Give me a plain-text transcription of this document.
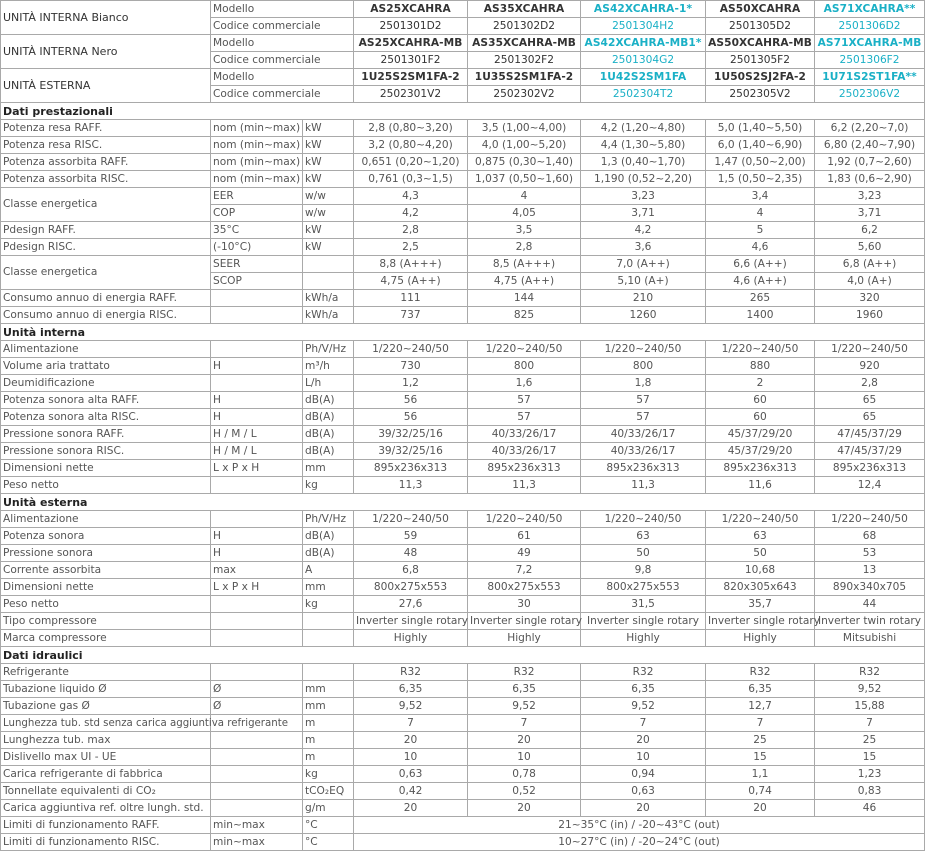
UNITÀ INTERNA Bianco	Modello		AS25XCAHRA	AS35XCAHRA	AS42XCAHRA-1*	AS50XCAHRA	AS71XCAHRA**
	Codice commerciale		2501301D2	2501302D2	2501304H2	2501305D2	2501306D2
UNITÀ INTERNA Nero	Modello		AS25XCAHRA-MB	AS35XCAHRA-MB	AS42XCAHRA-MB1*	AS50XCAHRA-MB	AS71XCAHRA-MB
	Codice commerciale		2501301F2	2501302F2	2501304G2	2501305F2	2501306F2
UNITÀ ESTERNA	Modello		1U25S2SM1FA-2	1U35S2SM1FA-2	1U42S2SM1FA	1U50S2SJ2FA-2	1U71S2ST1FA**
	Codice commerciale		2502301V2	2502302V2	2502304T2	2502305V2	2502306V2
Dati prestazionali							
Potenza resa RAFF.	nom (min~max)	kW	2,8 (0,80~3,20)	3,5 (1,00~4,00)	4,2 (1,20~4,80)	5,0 (1,40~5,50)	6,2 (2,20~7,0)
Potenza resa RISC.	nom (min~max)	kW	3,2 (0,80~4,20)	4,0 (1,00~5,20)	4,4 (1,30~5,80)	6,0 (1,40~6,90)	6,80 (2,40~7,90)
Potenza assorbita RAFF.	nom (min~max)	kW	0,651 (0,20~1,20)	0,875 (0,30~1,40)	1,3 (0,40~1,70)	1,47 (0,50~2,00)	1,92 (0,7~2,60)
Potenza assorbita RISC.	nom (min~max)	kW	0,761 (0,3~1,5)	1,037 (0,50~1,60)	1,190 (0,52~2,20)	1,5 (0,50~2,35)	1,83 (0,6~2,90)
Classe energetica	EER	w/w	4,3	4	3,23	3,4	3,23
	COP	w/w	4,2	4,05	3,71	4	3,71
Pdesign RAFF.	35°C	kW	2,8	3,5	4,2	5	6,2
Pdesign RISC.	(-10°C)	kW	2,5	2,8	3,6	4,6	5,60
Classe energetica	SEER		8,8 (A+++)	8,5 (A+++)	7,0 (A++)	6,6 (A++)	6,8 (A++)
	SCOP		4,75 (A++)	4,75 (A++)	5,10 (A+)	4,6 (A++)	4,0 (A+)
Consumo annuo di energia RAFF.		kWh/a	111	144	210	265	320
Consumo annuo di energia RISC.		kWh/a	737	825	1260	1400	1960
Unità interna							
Alimentazione		Ph/V/Hz	1/220~240/50	1/220~240/50	1/220~240/50	1/220~240/50	1/220~240/50
Volume aria trattato	H	m³/h	730	800	800	880	920
Deumidificazione		L/h	1,2	1,6	1,8	2	2,8
Potenza sonora alta RAFF.	H	dB(A)	56	57	57	60	65
Potenza sonora alta RISC.	H	dB(A)	56	57	57	60	65
Pressione sonora RAFF.	H / M / L	dB(A)	39/32/25/16	40/33/26/17	40/33/26/17	45/37/29/20	47/45/37/29
Pressione sonora RISC.	H / M / L	dB(A)	39/32/25/16	40/33/26/17	40/33/26/17	45/37/29/20	47/45/37/29
Dimensioni nette	L x P x H	mm	895x236x313	895x236x313	895x236x313	895x236x313	895x236x313
Peso netto		kg	11,3	11,3	11,3	11,6	12,4
Unità esterna							
Alimentazione		Ph/V/Hz	1/220~240/50	1/220~240/50	1/220~240/50	1/220~240/50	1/220~240/50
Potenza sonora	H	dB(A)	59	61	63	63	68
Pressione sonora	H	dB(A)	48	49	50	50	53
Corrente assorbita	max	A	6,8	7,2	9,8	10,68	13
Dimensioni nette	L x P x H	mm	800x275x553	800x275x553	800x275x553	820x305x643	890x340x705
Peso netto		kg	27,6	30	31,5	35,7	44
Tipo compressore			Inverter single rotary	Inverter single rotary	Inverter single rotary	Inverter single rotary	Inverter twin rotary
Marca compressore			Highly	Highly	Highly	Highly	Mitsubishi
Dati idraulici							
Refrigerante			R32	R32	R32	R32	R32
Tubazione liquido Ø	Ø	mm	6,35	6,35	6,35	6,35	9,52
Tubazione gas Ø	Ø	mm	9,52	9,52	9,52	12,7	15,88
Lunghezza tub. std senza carica aggiuntiva refrigerante		m	7	7	7	7	7
Lunghezza tub. max		m	20	20	20	25	25
Dislivello max UI - UE		m	10	10	10	15	15
Carica refrigerante di fabbrica		kg	0,63	0,78	0,94	1,1	1,23
Tonnellate equivalenti di CO₂		tCO₂EQ	0,42	0,52	0,63	0,74	0,83
Carica aggiuntiva ref. oltre lungh. std.		g/m	20	20	20	20	46
Limiti di funzionamento RAFF.	min~max	°C	21~35°C (in) / -20~43°C (out)				
Limiti di funzionamento RISC.	min~max	°C	10~27°C (in) / -20~24°C (out)				
